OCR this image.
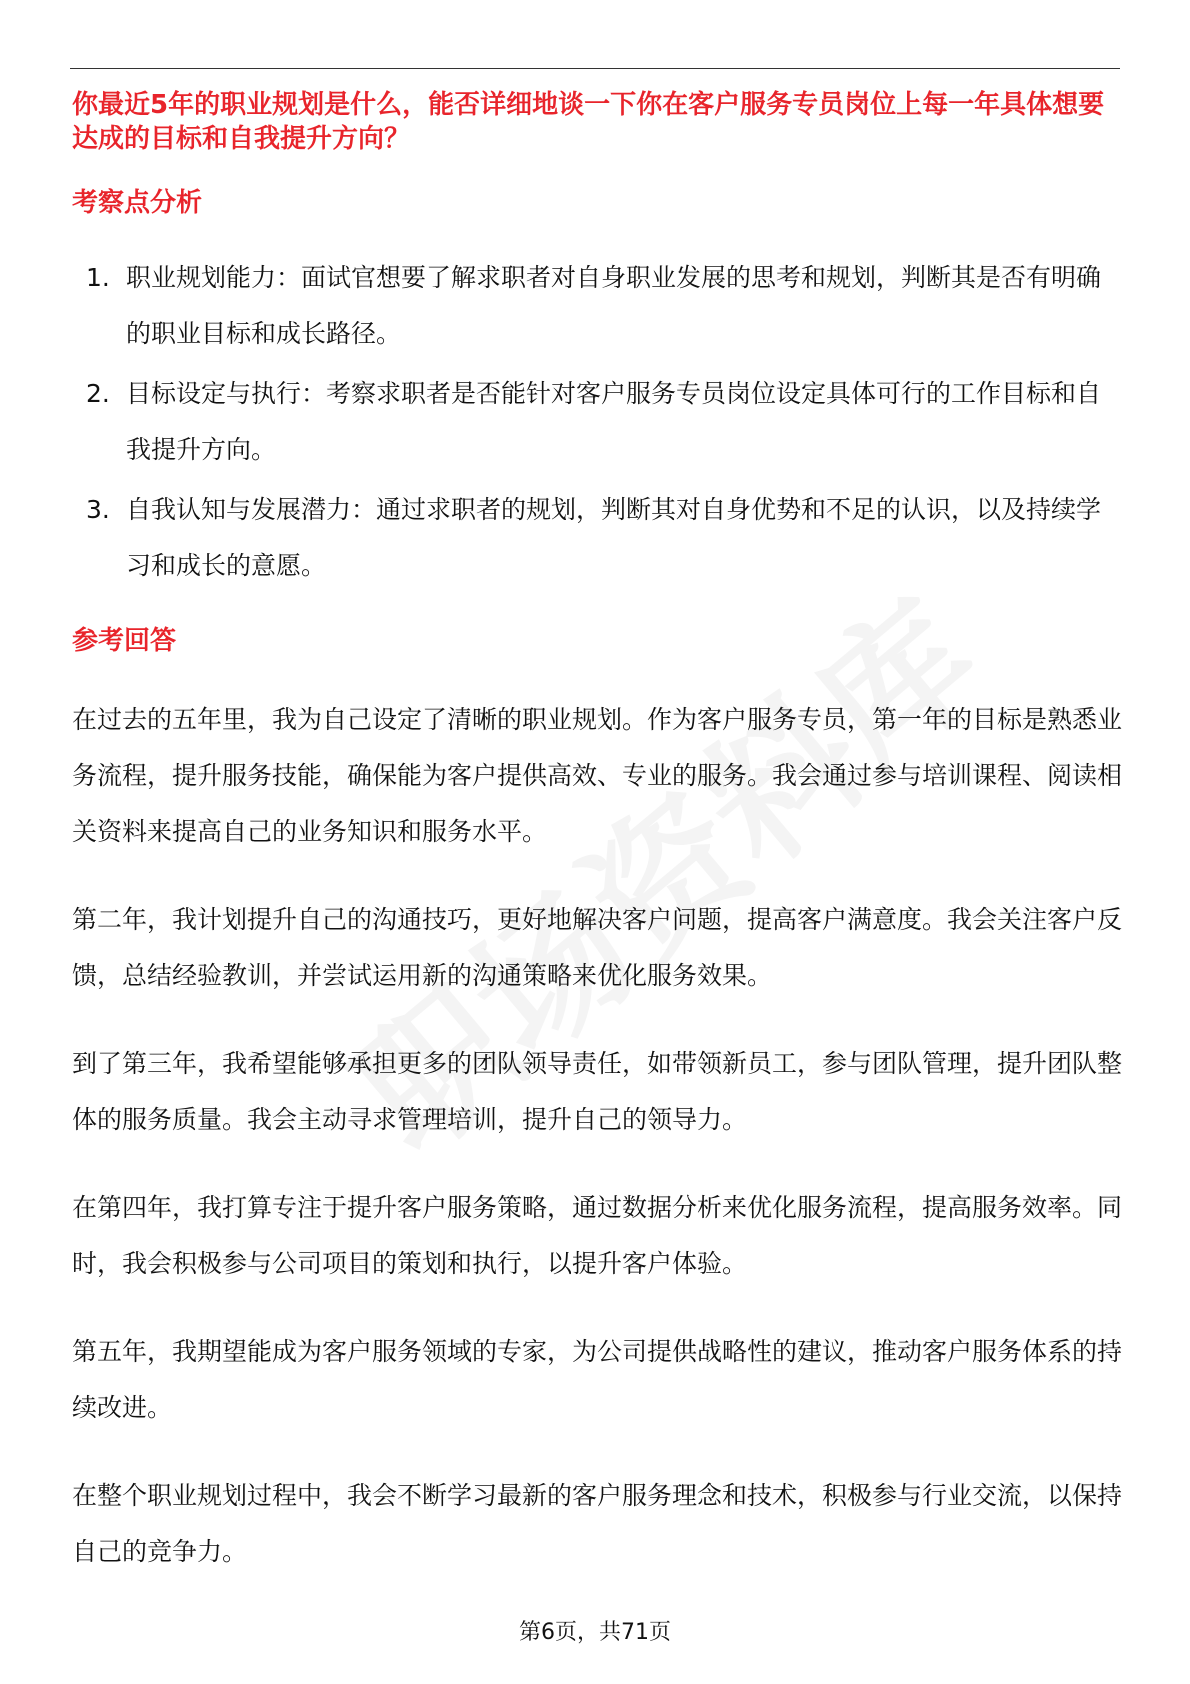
你最近5年的职业规划是什么，能否详细地谈一下你在客户服务专员岗位上每一年具体想要达成的目标和自我提升方向？
考察点分析
1. 职业规划能力：面试官想要了解求职者对自身职业发展的思考和规划，判断其是否有明确的职业目标和成长路径。
2. 目标设定与执行：考察求职者是否能针对客户服务专员岗位设定具体可行的工作目标和自我提升方向。
3. 自我认知与发展潜力：通过求职者的规划，判断其对自身优势和不足的认识，以及持续学习和成长的意愿。
参考回答

在过去的五年里，我为自己设定了清晰的职业规划。作为客户服务专员，第一年的目标是熟悉业务流程，提升服务技能，确保能为客户提供高效、专业的服务。我会通过参与培训课程、阅读相关资料来提高自己的业务知识和服务水平。

第二年，我计划提升自己的沟通技巧，更好地解决客户问题，提高客户满意度。我会关注客户反馈，总结经验教训，并尝试运用新的沟通策略来优化服务效果。

到了第三年，我希望能够承担更多的团队领导责任，如带领新员工，参与团队管理，提升团队整体的服务质量。我会主动寻求管理培训，提升自己的领导力。

在第四年，我打算专注于提升客户服务策略，通过数据分析来优化服务流程，提高服务效率。同时，我会积极参与公司项目的策划和执行，以提升客户体验。

第五年，我期望能成为客户服务领域的专家，为公司提供战略性的建议，推动客户服务体系的持续改进。

在整个职业规划过程中，我会不断学习最新的客户服务理念和技术，积极参与行业交流，以保持自己的竞争力。

第6页，共71页
